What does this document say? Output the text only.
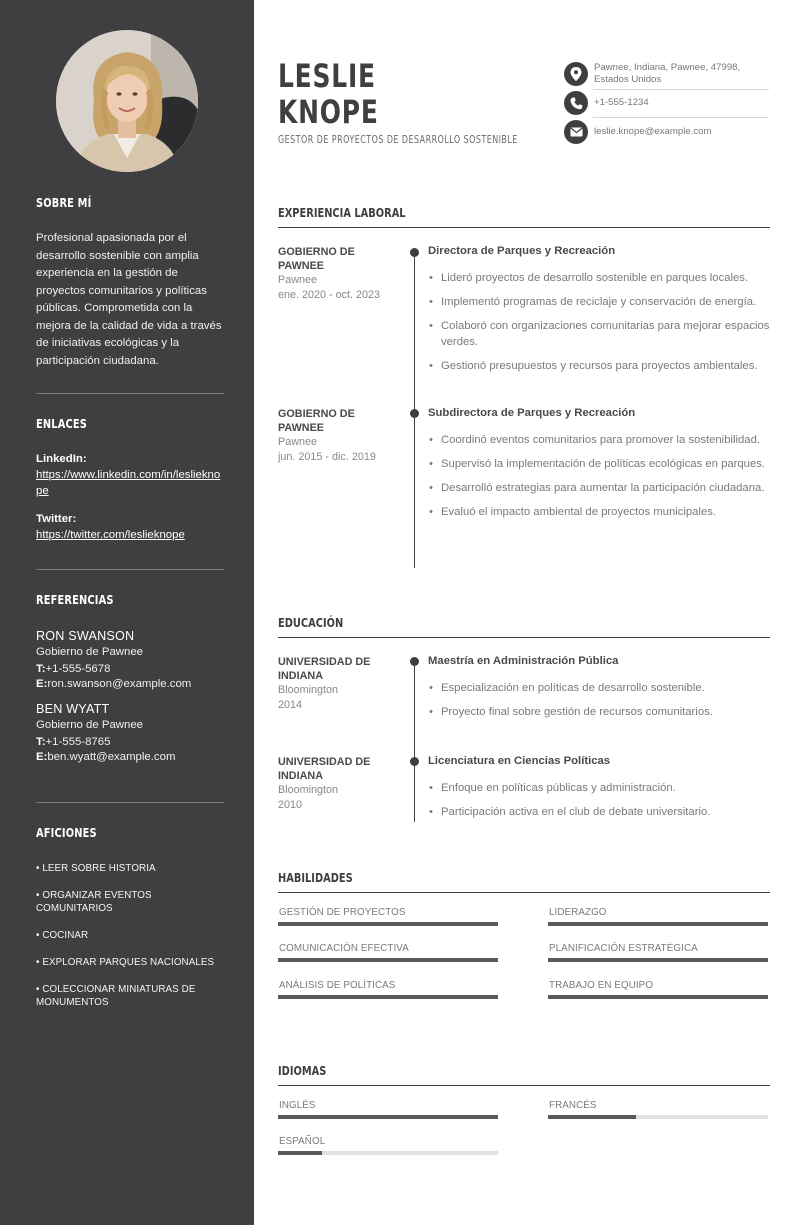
SOBRE MÍ

Profesional apasionada por el desarrollo sostenible con amplia experiencia en la gestión de proyectos comunitarios y políticas públicas. Comprometida con la mejora de la calidad de vida a través de iniciativas ecológicas y la participación ciudadana.

ENLACES
LinkedIn:
https://www.linkedin.com/in/leslieknope
Twitter:
https://twitter.com/leslieknope
REFERENCIAS
RON SWANSON
Gobierno de Pawnee
T:+1-555-5678
E:ron.swanson@example.com
BEN WYATT
Gobierno de Pawnee
T:+1-555-8765
E:ben.wyatt@example.com
AFICIONES
• LEER SOBRE HISTORIA
• ORGANIZAR EVENTOS COMUNITARIOS
• COCINAR
• EXPLORAR PARQUES NACIONALES
• COLECCIONAR MINIATURAS DE MONUMENTOS
LESLIE
KNOPE
GESTOR DE PROYECTOS DE DESARROLLO SOSTENIBLE
Pawnee, Indiana, Pawnee, 47998,
Estados Unidos
+1-555-1234
leslie.knope@example.com
EXPERIENCIA LABORAL
GOBIERNO DE PAWNEE
Pawnee
ene. 2020 - oct. 2023
Directora de Parques y Recreación
• Lideró proyectos de desarrollo sostenible en parques locales.
• Implementó programas de reciclaje y conservación de energía.
• Colaboró con organizaciones comunitarias para mejorar espacios verdes.
• Gestionó presupuestos y recursos para proyectos ambientales.
GOBIERNO DE PAWNEE
Pawnee
jun. 2015 - dic. 2019
Subdirectora de Parques y Recreación
• Coordinó eventos comunitarios para promover la sostenibilidad.
• Supervisó la implementación de políticas ecológicas en parques.
• Desarrolló estrategias para aumentar la participación ciudadana.
• Evaluó el impacto ambiental de proyectos municipales.
EDUCACIÓN
UNIVERSIDAD DE INDIANA
Bloomington
2014
Maestría en Administración Pública
• Especialización en políticas de desarrollo sostenible.
• Proyecto final sobre gestión de recursos comunitarios.
UNIVERSIDAD DE INDIANA
Bloomington
2010
Licenciatura en Ciencias Políticas
• Enfoque en políticas públicas y administración.
• Participación activa en el club de debate universitario.
HABILIDADES
GESTIÓN DE PROYECTOS	LIDERAZGO
COMUNICACIÓN EFECTIVA	PLANIFICACIÓN ESTRATÉGICA
ANÁLISIS DE POLÍTICAS	TRABAJO EN EQUIPO
IDIOMAS
INGLÉS	FRANCÉS
ESPAÑOL
